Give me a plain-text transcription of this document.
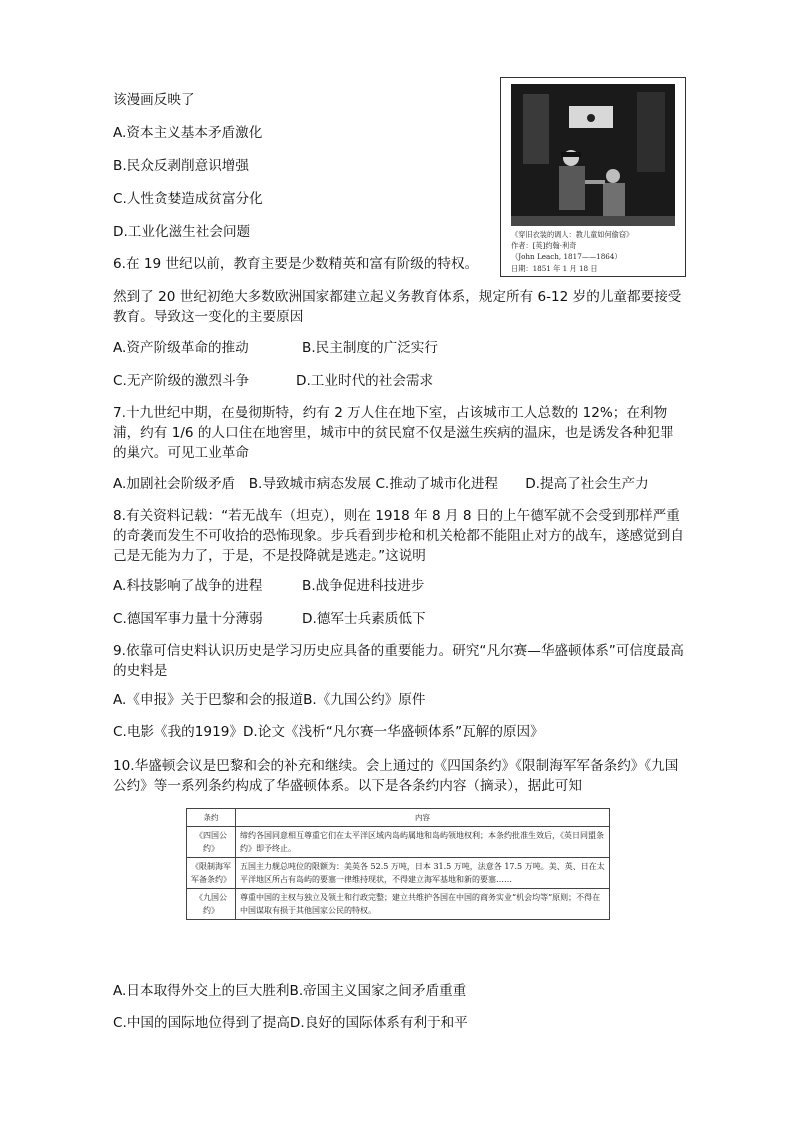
该漫画反映了
A.资本主义基本矛盾激化
B.民众反剥削意识增强
C.人性贪婪造成贫富分化
D.工业化滋生社会问题	《穿旧衣装的调人：教儿童如何偷窃》
作者：[英]约翰·利奇
（John Leach, 1817——1864）
日期：1851 年 1 月 18 日
6.在 19 世纪以前，教育主要是少数精英和富有阶级的特权。
然到了 20 世纪初绝大多数欧洲国家都建立起义务教育体系，规定所有 6-12 岁的儿童都要接受教育。导致这一变化的主要原因
A.资产阶级革命的推动	B.民主制度的广泛实行
C.无产阶级的激烈斗争	D.工业时代的社会需求
7.十九世纪中期，在曼彻斯特，约有 2 万人住在地下室，占该城市工人总数的 12%；在利物浦，约有 1/6 的人口住在地窖里，城市中的贫民窟不仅是滋生疾病的温床，也是诱发各种犯罪的巢穴。可见工业革命
A.加剧社会阶级矛盾　B.导致城市病态发展 C.推动了城市化进程　　D.提高了社会生产力
8.有关资料记载：“若无战车（坦克），则在 1918 年 8 月 8 日的上午德军就不会受到那样严重的奇袭而发生不可收拾的恐怖现象。步兵看到步枪和机关枪都不能阻止对方的战车，遂感觉到自己是无能为力了，于是，不是投降就是逃走。”这说明
A.科技影响了战争的进程	B.战争促进科技进步
C.德国军事力量十分薄弱	D.德军士兵素质低下
9.依靠可信史料认识历史是学习历史应具备的重要能力。研究“凡尔赛—华盛顿体系”可信度最高的史料是
A.《申报》关于巴黎和会的报道B.《九国公约》原件
C.电影《我的1919》D.论文《浅析“凡尔赛一华盛顿体系”瓦解的原因》
10.华盛顿会议是巴黎和会的补充和继续。会上通过的《四国条约》《限制海军军备条约》《九国公约》等一系列条约构成了华盛顿体系。以下是各条约内容（摘录），据此可知
条约	内容
《四国公约》	缔约各国同意相互尊重它们在太平洋区域内岛屿属地和岛屿领地权利；本条约批准生效后，《英日同盟条约》即予终止。
《限制海军军备条约》	五国主力舰总吨位的限额为：美英各 52.5 万吨，日本 31.5 万吨，法意各 17.5 万吨。美、英、日在太平洋地区所占有岛屿的要塞一律维持现状，不得建立海军基地和新的要塞……
《九国公约》	尊重中国的主权与独立及领土和行政完整；建立共维护各国在中国的商务实业“机会均等”原则；不得在中国谋取有损于其他国家公民的特权。
A.日本取得外交上的巨大胜利B.帝国主义国家之间矛盾重重
C.中国的国际地位得到了提高D.良好的国际体系有利于和平
